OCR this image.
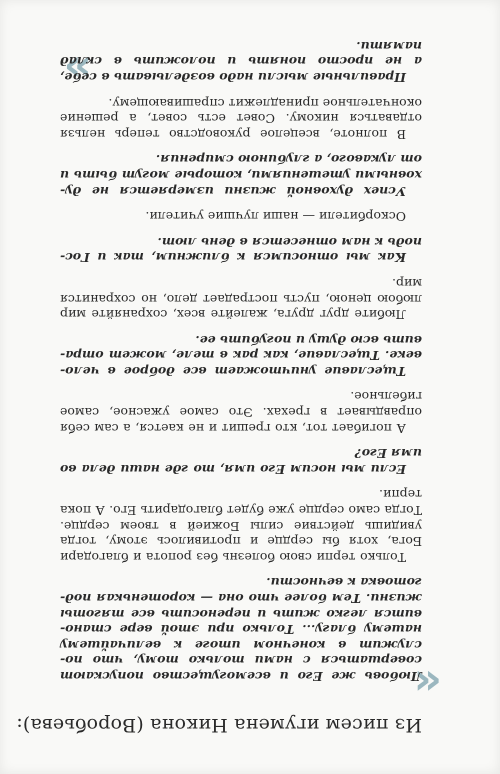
«
»
Из писем игумена Никона (Воробьева):

Любовь же Его и всемогущество попускают совершаться с нами только тому, что послужит в конечном итоге к величайшему нашему благу... Только при этой вере становится легко жить и переносить все тяготы жизни. Тем более что она — коротенькая подготовка к вечности.

Только терпи свою болезнь без ропота и благодари Бога, хотя бы сердце и противилось этому, тогда увидишь действие силы Божией в твоем сердце. Тогда само сердце уже будет благодарить Его. А пока терпи.

Если мы носим Его имя, то где наши дела во имя Его?

А погибает тот, кто грешит и не кается, а сам себя оправдывает в грехах. Это самое ужасное, самое гибельное.

Тщеславие уничтожает все доброе в человеке. Тщеславие, как рак в теле, может отравить всю душу и погубить ее.

Любите друг друга, жалейте всех, сохраняйте мир любою ценою, пусть пострадает дело, но сохранится мир.

Как мы относимся к ближним, так и Господь к нам отнесется в день лют.

Оскорбители — наши лучшие учители.

Успех духовной жизни измеряется не духовными утешениями, которые могут быть и от лукавого, а глубиною смирения.

В полноте, всецелое руководство теперь нельзя отдаваться никому. Совет есть совет, а решение окончательное принадлежит спрашивающему.

Правильные мысли надо возделывать в себе, а не просто понять и положить в склад памяти.
